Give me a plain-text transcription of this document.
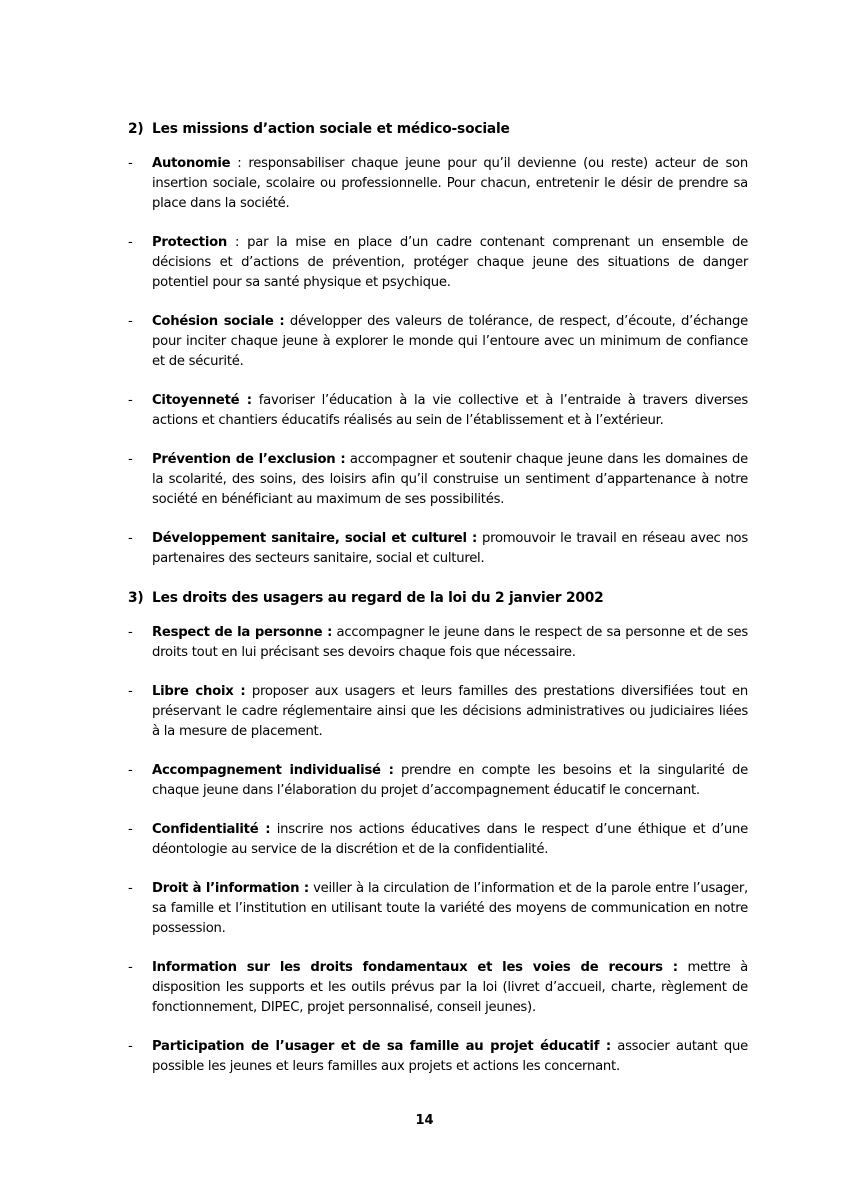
2) Les missions d’action sociale et médico-sociale
-	Autonomie : responsabiliser chaque jeune pour qu’il devienne (ou reste) acteur de son insertion sociale, scolaire ou professionnelle. Pour chacun, entretenir le désir de prendre sa place dans la société.
-	Protection : par la mise en place d’un cadre contenant comprenant un ensemble de décisions et d’actions de prévention, protéger chaque jeune des situations de danger potentiel pour sa santé physique et psychique.
-	Cohésion sociale : développer des valeurs de tolérance, de respect, d’écoute, d’échange pour inciter chaque jeune à explorer le monde qui l’entoure avec un minimum de confiance et de sécurité.
-	Citoyenneté : favoriser l’éducation à la vie collective et à l’entraide à travers diverses actions et chantiers éducatifs réalisés au sein de l’établissement et à l’extérieur.
-	Prévention de l’exclusion : accompagner et soutenir chaque jeune dans les domaines de la scolarité, des soins, des loisirs afin qu’il construise un sentiment d’appartenance à notre société en bénéficiant au maximum de ses possibilités.
-	Développement sanitaire, social et culturel : promouvoir le travail en réseau avec nos partenaires des secteurs sanitaire, social et culturel.
3) Les droits des usagers au regard de la loi du 2 janvier 2002
-	Respect de la personne : accompagner le jeune dans le respect de sa personne et de ses droits tout en lui précisant ses devoirs chaque fois que nécessaire.
-	Libre choix : proposer aux usagers et leurs familles des prestations diversifiées tout en préservant le cadre réglementaire ainsi que les décisions administratives ou judiciaires liées à la mesure de placement.
-	Accompagnement individualisé : prendre en compte les besoins et la singularité de chaque jeune dans l’élaboration du projet d’accompagnement éducatif le concernant.
-	Confidentialité : inscrire nos actions éducatives dans le respect d’une éthique et d’une déontologie au service de la discrétion et de la confidentialité.
-	Droit à l’information : veiller à la circulation de l’information et de la parole entre l’usager, sa famille et l’institution en utilisant toute la variété des moyens de communication en notre possession.
-	Information sur les droits fondamentaux et les voies de recours : mettre à disposition les supports et les outils prévus par la loi (livret d’accueil, charte, règlement de fonctionnement, DIPEC, projet personnalisé, conseil jeunes).
-	Participation de l’usager et de sa famille au projet éducatif : associer autant que possible les jeunes et leurs familles aux projets et actions les concernant.
14
